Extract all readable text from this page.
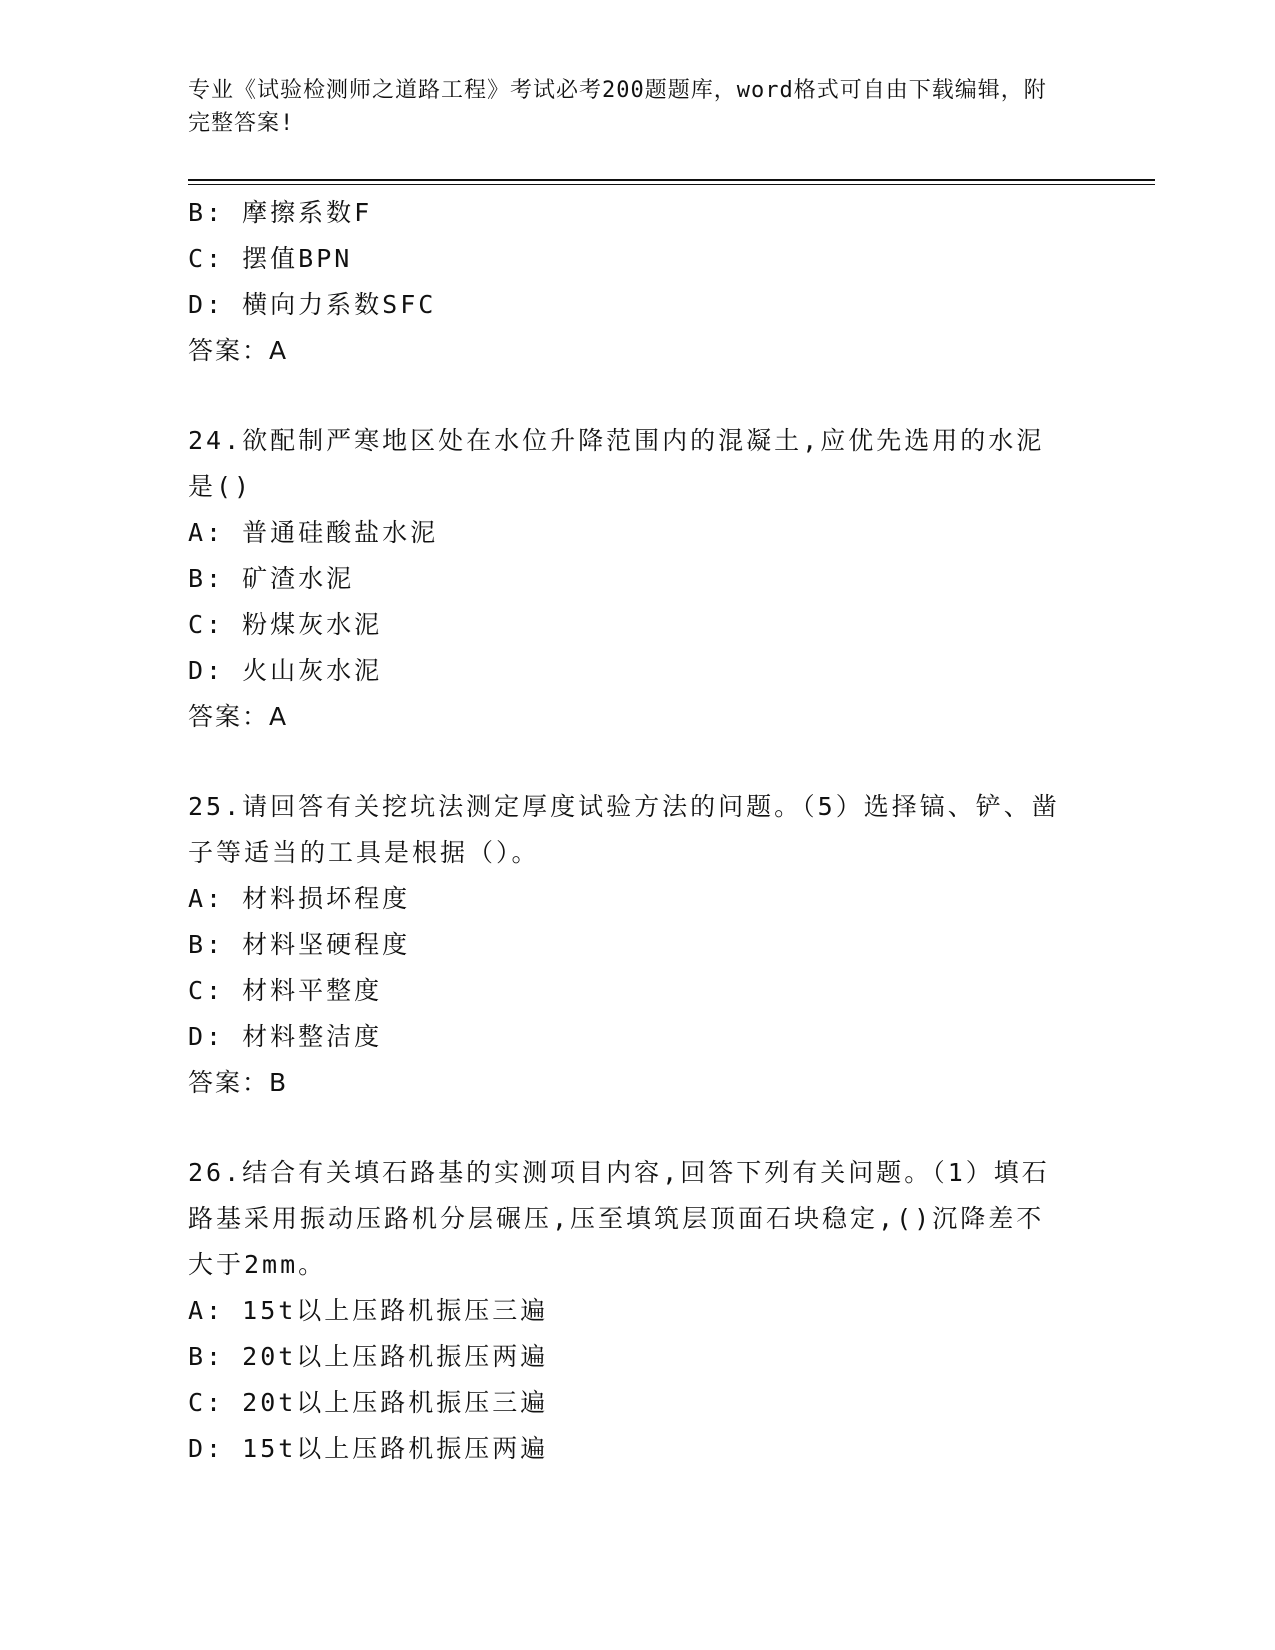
专业《试验检测师之道路工程》考试必考200题题库，word格式可自由下载编辑，附完整答案!
B: 摩擦系数F
C: 摆值BPN
D: 横向力系数SFC
答案：A
24.欲配制严寒地区处在水位升降范围内的混凝土,应优先选用的水泥是()
A: 普通硅酸盐水泥
B: 矿渣水泥
C: 粉煤灰水泥
D: 火山灰水泥
答案：A
25.请回答有关挖坑法测定厚度试验方法的问题。（5）选择镐、铲、凿子等适当的工具是根据（）。
A: 材料损坏程度
B: 材料坚硬程度
C: 材料平整度
D: 材料整洁度
答案：B
26.结合有关填石路基的实测项目内容,回答下列有关问题。（1）填石路基采用振动压路机分层碾压,压至填筑层顶面石块稳定,()沉降差不大于2mm。
A: 15t以上压路机振压三遍
B: 20t以上压路机振压两遍
C: 20t以上压路机振压三遍
D: 15t以上压路机振压两遍
